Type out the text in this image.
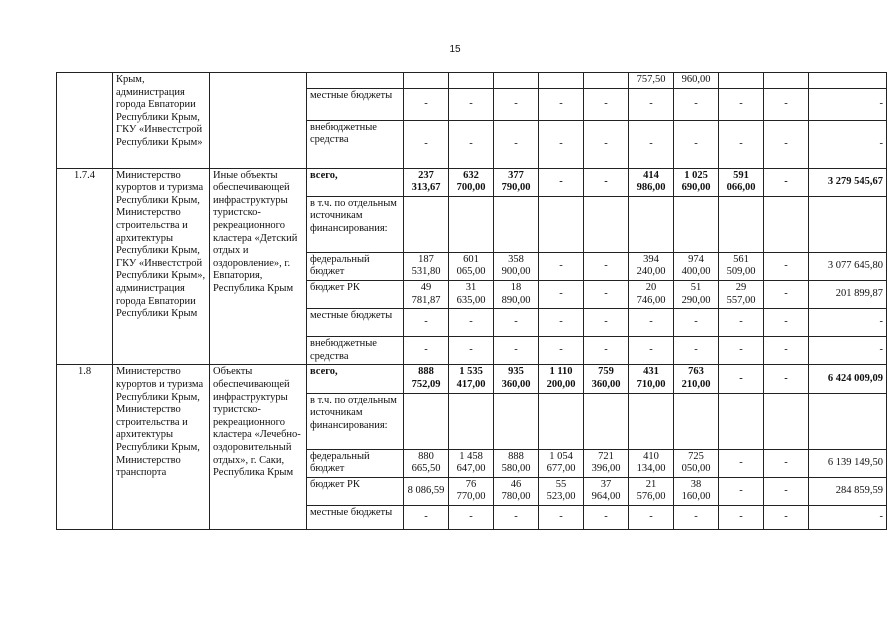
15
	Крым, администрация города Евпатории Республики Крым, ГКУ «Инвестстрой Республики Крым»								757,50	960,00			
			местные бюджеты	-	-	-	-	-	-	-	-	-	-
			внебюджетные средства	-	-	-	-	-	-	-	-	-	-
1.7.4	Министерство курортов и туризма Республики Крым, Министерство строительства и архитектуры Республики Крым, ГКУ «Инвестстрой Республики Крым», администрация города Евпатории Республики Крым	Иные объекты обеспечивающей инфраструктуры туристско-рекреационного кластера «Детский отдых и оздоровление», г. Евпатория, Республика Крым	всего,	237 313,67	632 700,00	377 790,00	-	-	414 986,00	1 025 690,00	591 066,00	-	3 279 545,67
			в т.ч. по отдельным источникам финансирования:										
			федеральный бюджет	187 531,80	601 065,00	358 900,00	-	-	394 240,00	974 400,00	561 509,00	-	3 077 645,80
			бюджет РК	49 781,87	31 635,00	18 890,00	-	-	20 746,00	51 290,00	29 557,00	-	201 899,87
			местные бюджеты	-	-	-	-	-	-	-	-	-	-
			внебюджетные средства	-	-	-	-	-	-	-	-	-	-
1.8	Министерство курортов и туризма Республики Крым, Министерство строительства и архитектуры Республики Крым, Министерство транспорта	Объекты обеспечивающей инфраструктуры туристско-рекреационного кластера «Лечебно-оздоровительный отдых», г. Саки, Республика Крым	всего,	888 752,09	1 535 417,00	935 360,00	1 110 200,00	759 360,00	431 710,00	763 210,00	-	-	6 424 009,09
			в т.ч. по отдельным источникам финансирования:										
			федеральный бюджет	880 665,50	1 458 647,00	888 580,00	1 054 677,00	721 396,00	410 134,00	725 050,00	-	-	6 139 149,50
			бюджет РК	8 086,59	76 770,00	46 780,00	55 523,00	37 964,00	21 576,00	38 160,00	-	-	284 859,59
			местные бюджеты	-	-	-	-	-	-	-	-	-	-
